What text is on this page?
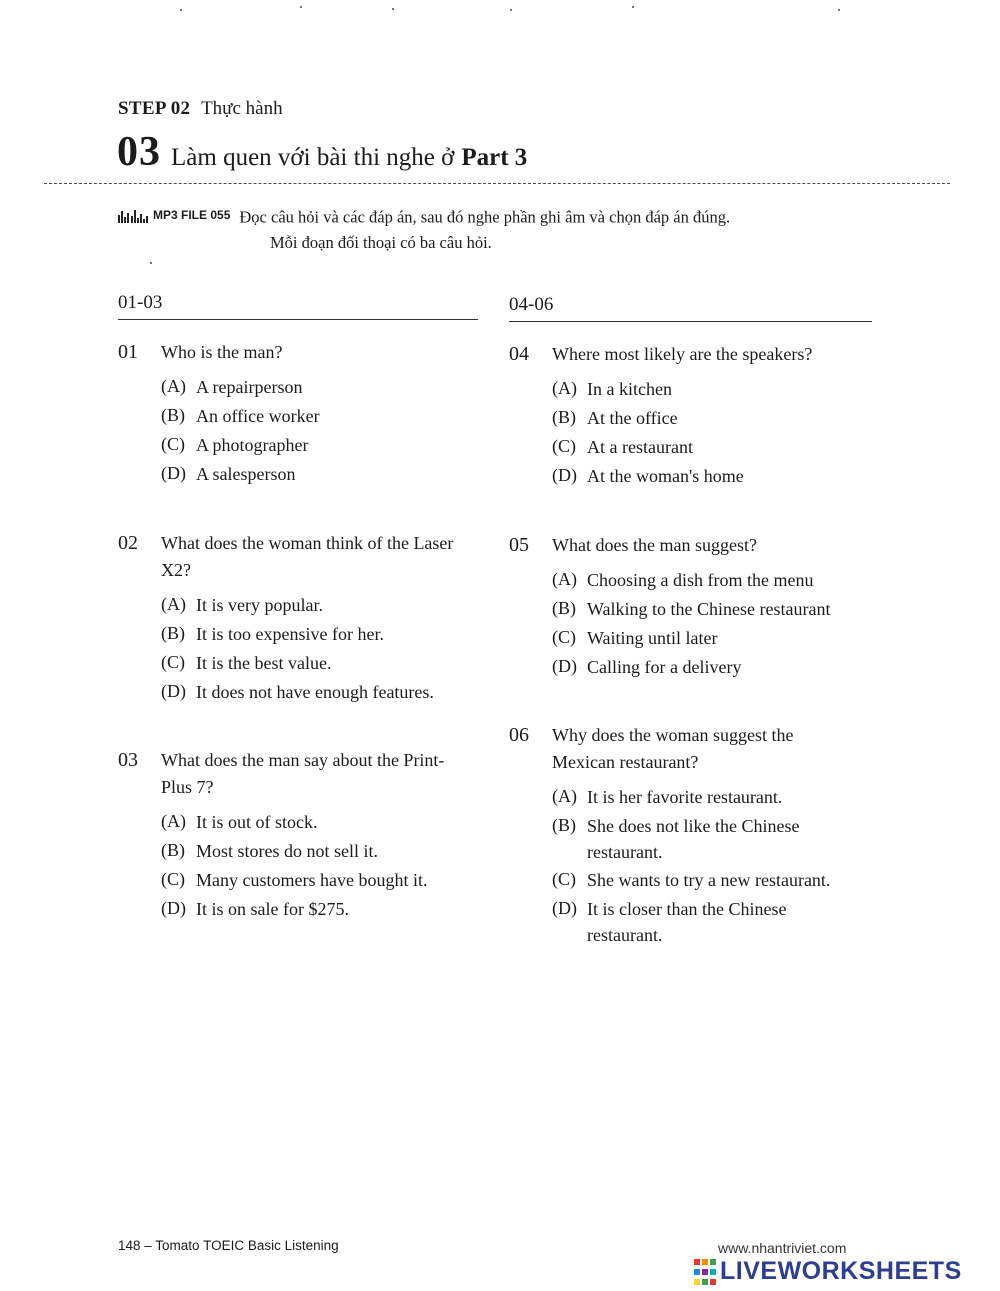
STEP 02 Thực hành
03 Làm quen với bài thi nghe ở Part 3
MP3 FILE 055 Đọc câu hỏi và các đáp án, sau đó nghe phần ghi âm và chọn đáp án đúng.
Mỗi đoạn đối thoại có ba câu hỏi.
01-03
01 Who is the man?
(A) A repairperson
(B) An office worker
(C) A photographer
(D) A salesperson
02 What does the woman think of the Laser X2?
(A) It is very popular.
(B) It is too expensive for her.
(C) It is the best value.
(D) It does not have enough features.
03 What does the man say about the Print-Plus 7?
(A) It is out of stock.
(B) Most stores do not sell it.
(C) Many customers have bought it.
(D) It is on sale for $275.
04-06
04 Where most likely are the speakers?
(A) In a kitchen
(B) At the office
(C) At a restaurant
(D) At the woman's home
05 What does the man suggest?
(A) Choosing a dish from the menu
(B) Walking to the Chinese restaurant
(C) Waiting until later
(D) Calling for a delivery
06 Why does the woman suggest the Mexican restaurant?
(A) It is her favorite restaurant.
(B) She does not like the Chinese restaurant.
(C) She wants to try a new restaurant.
(D) It is closer than the Chinese restaurant.
148 – Tomato TOEIC Basic Listening	www.nhantriviet.com
LIVEWORKSHEETS
